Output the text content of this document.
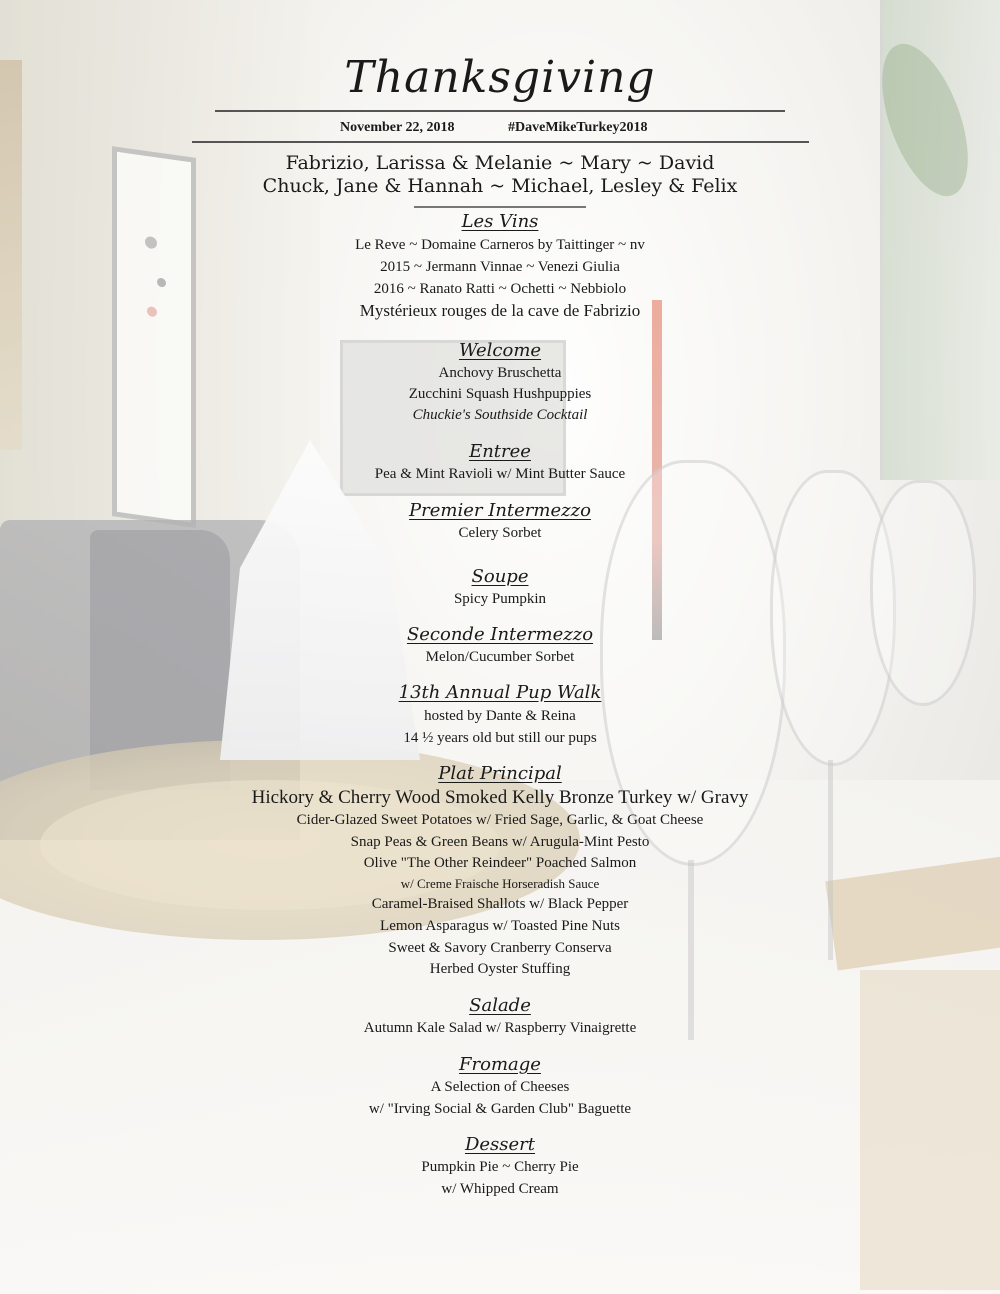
Thanksgiving
November 22, 2018	#DaveMikeTurkey2018
Fabrizio, Larissa & Melanie ~ Mary ~ David
Chuck, Jane & Hannah ~ Michael, Lesley & Felix
Les Vins
Le Reve ~ Domaine Carneros by Taittinger ~ nv
2015 ~ Jermann Vinnae ~ Venezi Giulia
2016 ~ Ranato Ratti ~ Ochetti ~ Nebbiolo
Mystérieux rouges de la cave de Fabrizio
Welcome
Anchovy Bruschetta
Zucchini Squash Hushpuppies
Chuckie's Southside Cocktail
Entree
Pea & Mint Ravioli w/ Mint Butter Sauce
Premier Intermezzo
Celery Sorbet
Soupe
Spicy Pumpkin
Seconde Intermezzo
Melon/Cucumber Sorbet
13th Annual Pup Walk
hosted by Dante & Reina
14 ½ years old but still our pups
Plat Principal
Hickory & Cherry Wood Smoked Kelly Bronze Turkey w/ Gravy
Cider-Glazed Sweet Potatoes w/ Fried Sage, Garlic, & Goat Cheese
Snap Peas & Green Beans w/ Arugula-Mint Pesto
Olive "The Other Reindeer" Poached Salmon
w/ Creme Fraische Horseradish Sauce
Caramel-Braised Shallots w/ Black Pepper
Lemon Asparagus w/ Toasted Pine Nuts
Sweet & Savory Cranberry Conserva
Herbed Oyster Stuffing
Salade
Autumn Kale Salad w/ Raspberry Vinaigrette
Fromage
A Selection of Cheeses
w/ "Irving Social & Garden Club" Baguette
Dessert
Pumpkin Pie ~ Cherry Pie
w/ Whipped Cream
